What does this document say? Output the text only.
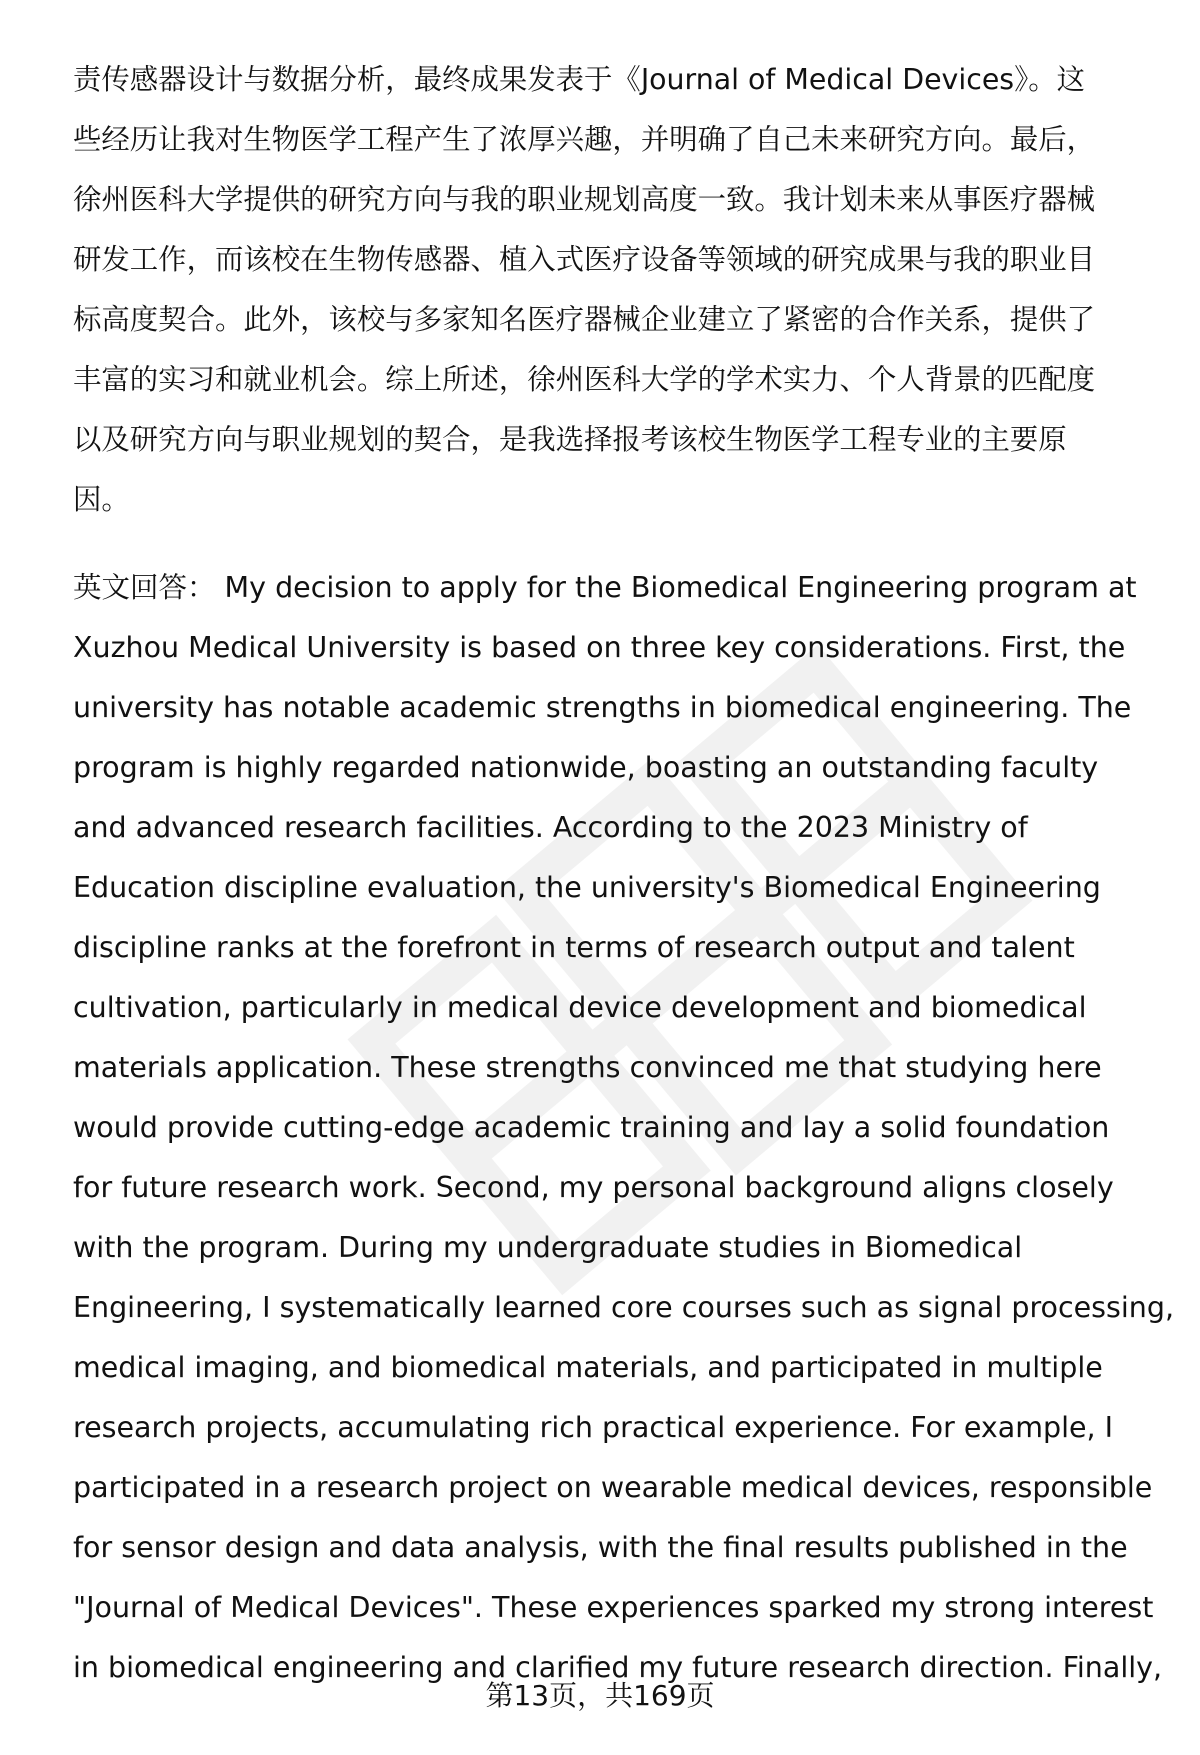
责传感器设计与数据分析，最终成果发表于《Journal of Medical Devices》。这
些经历让我对生物医学工程产生了浓厚兴趣，并明确了自己未来研究方向。最后，
徐州医科大学提供的研究方向与我的职业规划高度一致。我计划未来从事医疗器械
研发工作，而该校在生物传感器、植入式医疗设备等领域的研究成果与我的职业目
标高度契合。此外，该校与多家知名医疗器械企业建立了紧密的合作关系，提供了
丰富的实习和就业机会。综上所述，徐州医科大学的学术实力、个人背景的匹配度
以及研究方向与职业规划的契合，是我选择报考该校生物医学工程专业的主要原
因。

英文回答： My decision to apply for the Biomedical Engineering program at
Xuzhou Medical University is based on three key considerations. First, the
university has notable academic strengths in biomedical engineering. The
program is highly regarded nationwide, boasting an outstanding faculty
and advanced research facilities. According to the 2023 Ministry of
Education discipline evaluation, the university's Biomedical Engineering
discipline ranks at the forefront in terms of research output and talent
cultivation, particularly in medical device development and biomedical
materials application. These strengths convinced me that studying here
would provide cutting-edge academic training and lay a solid foundation
for future research work. Second, my personal background aligns closely
with the program. During my undergraduate studies in Biomedical
Engineering, I systematically learned core courses such as signal processing,
medical imaging, and biomedical materials, and participated in multiple
research projects, accumulating rich practical experience. For example, I
participated in a research project on wearable medical devices, responsible
for sensor design and data analysis, with the final results published in the
"Journal of Medical Devices". These experiences sparked my strong interest
in biomedical engineering and clarified my future research direction. Finally,

第13页，共169页
